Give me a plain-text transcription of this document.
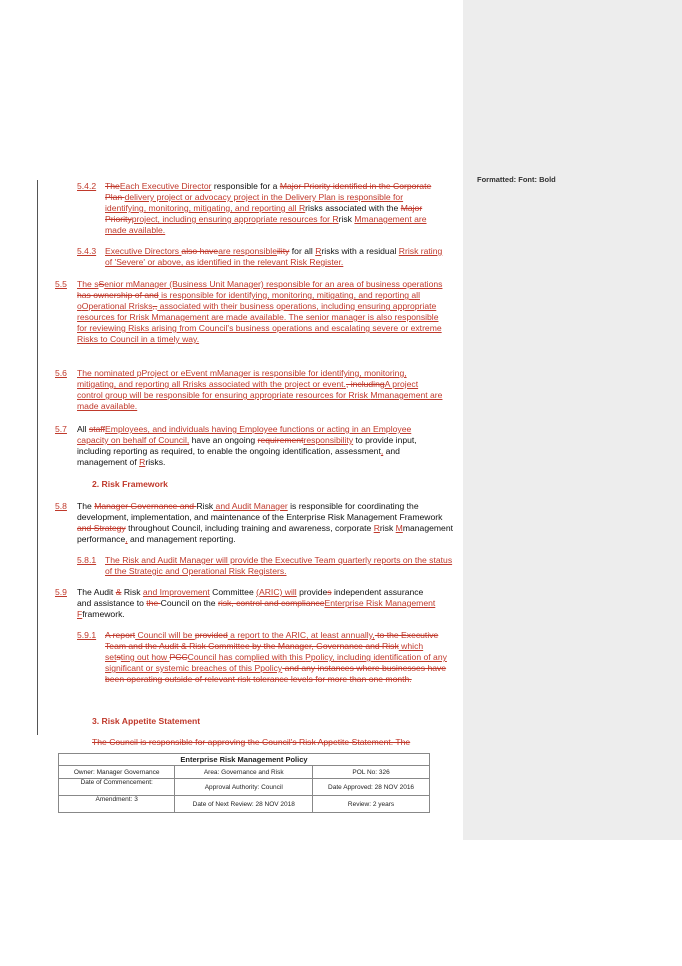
Formatted: Font: Bold
5.4.2 TheEach Executive Director responsible for a Major Priority identified in the Corporate Plan delivery project or advocacy project in the Delivery Plan is responsible for identifying, monitoring, mitigating, and reporting all Rrisks associated with the Major Priorityproject, including ensuring appropriate resources for Rrisk Mmanagement are made available.
5.4.3 Executive Directors also haveare responsibleility for all Rrisks with a residual Rrisk rating of 'Severe' or above, as identified in the relevant Risk Register.
5.5 The sSenior mManager (Business Unit Manager) responsible for an area of business operations has ownership of and is responsible for identifying, monitoring, mitigating, and reporting all oOperational Rrisks,, associated with their business operations, including ensuring appropriate resources for Rrisk Mmanagement are made available. The senior manager is also responsible for reviewing Risks arising from Council's business operations and escalating severe or extreme Risks to Council in a timely way.
5.6 The nominated pProject or eEvent mManager is responsible for identifying, monitoring, mitigating, and reporting all Rrisks associated with the project or event., includingA project control group will be responsible for ensuring appropriate resources for Rrisk Mmanagement are made available.
5.7 All staffEmployees, and individuals having Employee functions or acting in an Employee capacity on behalf of Council, have an ongoing requirementresponsibility to provide input, including reporting as required, to enable the ongoing identification, assessment, and management of Rrisks.
2. Risk Framework
5.8 The Manager Governance and Risk and Audit Manager is responsible for coordinating the development, implementation, and maintenance of the Enterprise Risk Management Framework and Strategy throughout Council, including training and awareness, corporate Rrisk Mmanagement performance, and management reporting.
5.8.1 The Risk and Audit Manager will provide the Executive Team quarterly reports on the status of the Strategic and Operational Risk Registers.
5.9 The Audit & Risk and Improvement Committee (ARIC) will provides independent assurance and assistance to the Council on the risk, control and complianceEnterprise Risk Management Fframework.
5.9.1 A report Council will be provided a report to the ARIC, at least annually, to the Executive Team and the Audit & Risk Committee by the Manager, Governance and Risk which setsting out how PCCCouncil has complied with this Ppolicy, including identification of any significant or systemic breaches of this Ppolicy and any instances where businesses have been operating outside of relevant risk tolerance levels for more than one month.
3. Risk Appetite Statement
The Council is responsible for approving the Council's Risk Appetite Statement. The
Enterprise Risk Management Policy		
Owner: Manager Governance	Area: Governance and Risk	POL No: 326
Date of Commencement:	Approval Authority: Council	Date Approved: 28 NOV 2016
Amendment: 3	Date of Next Review: 28 NOV 2018	Review: 2 years
